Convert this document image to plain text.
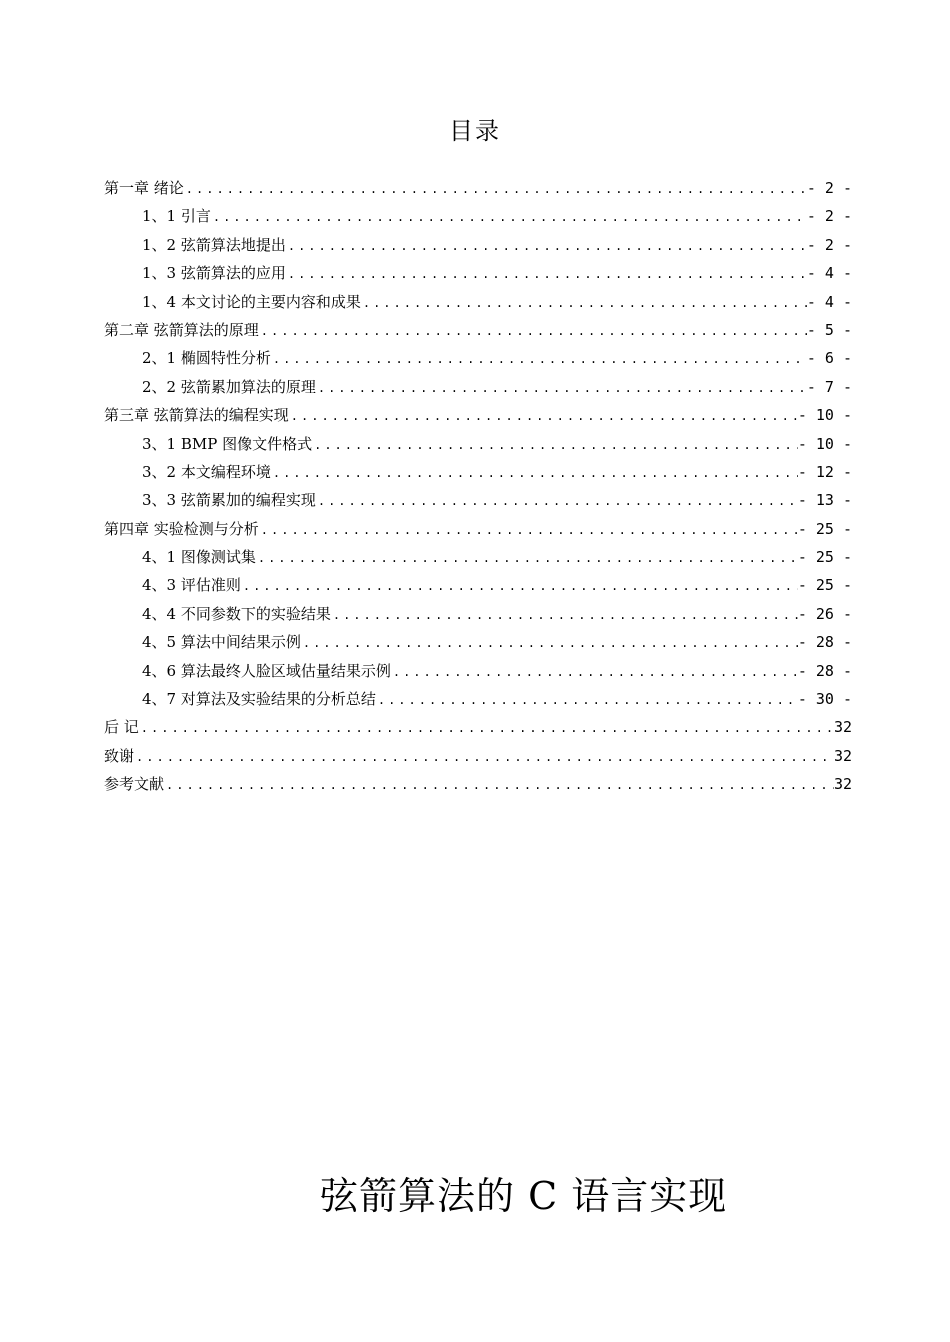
目录
第一章 绪论 .....	- 2 -
1、1 引言 .....	- 2 -
1、2 弦箭算法地提出 .....	- 2 -
1、3 弦箭算法的应用 .....	- 4 -
1、4 本文讨论的主要内容和成果 .....	- 4 -
第二章 弦箭算法的原理 .....	- 5 -
2、1 椭圆特性分析 .....	- 6 -
2、2 弦箭累加算法的原理 .....	- 7 -
第三章 弦箭算法的编程实现 .....	- 10 -
3、1 BMP 图像文件格式 .....	- 10 -
3、2 本文编程环境 .....	- 12 -
3、3 弦箭累加的编程实现 .....	- 13 -
第四章 实验检测与分析 .....	- 25 -
4、1 图像测试集 .....	- 25 -
4、3 评估准则 .....	- 25 -
4、4 不同参数下的实验结果 .....	- 26 -
4、5 算法中间结果示例 .....	- 28 -
4、6 算法最终人脸区域估量结果示例 .....	- 28 -
4、7 对算法及实验结果的分析总结 .....	- 30 -
后 记 .....	32
致谢 .....	32
参考文献 .....	32
弦箭算法的 C 语言实现
